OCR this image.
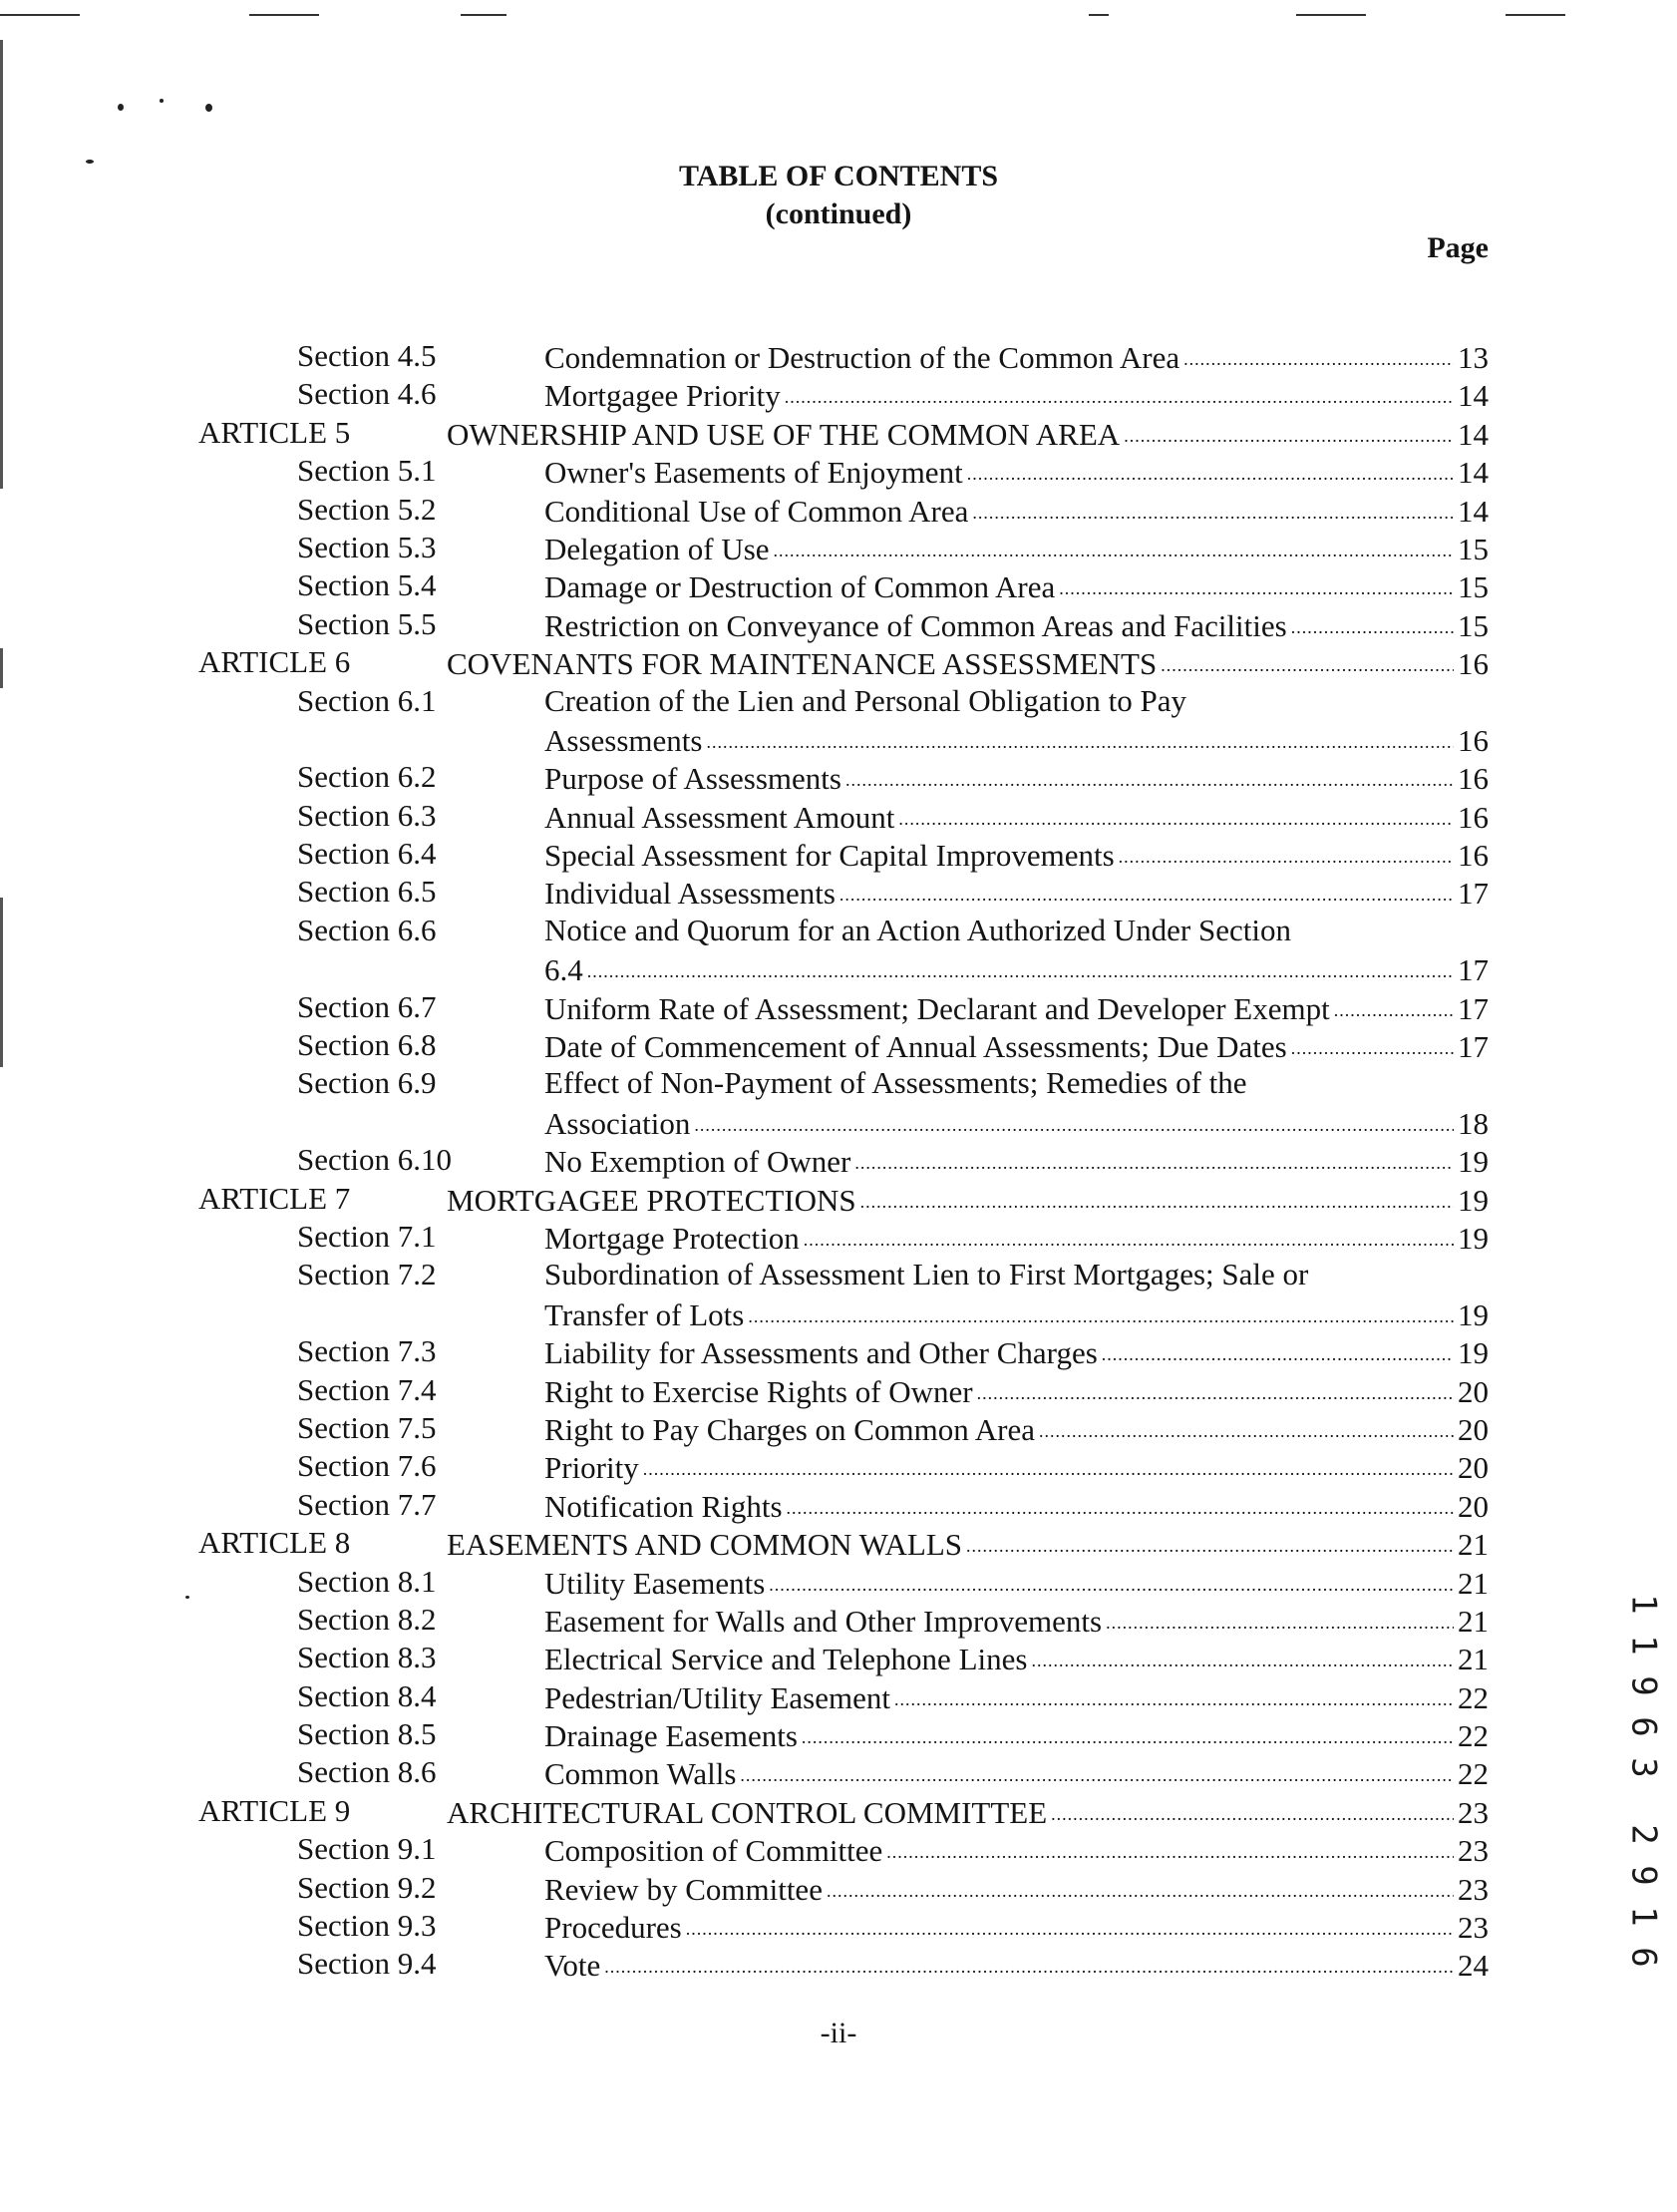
TABLE OF CONTENTS
(continued)
Page
Section 4.5	Condemnation or Destruction of the Common Area .....	13
Section 4.6	Mortgagee Priority .....	14
ARTICLE 5	OWNERSHIP AND USE OF THE COMMON AREA .....	14
Section 5.1	Owner's Easements of Enjoyment .....	14
Section 5.2	Conditional Use of Common Area .....	14
Section 5.3	Delegation of Use .....	15
Section 5.4	Damage or Destruction of Common Area .....	15
Section 5.5	Restriction on Conveyance of Common Areas and Facilities .....	15
ARTICLE 6	COVENANTS FOR MAINTENANCE ASSESSMENTS .....	16
Section 6.1	Creation of the Lien and Personal Obligation to Pay
Assessments .....	16
Section 6.2	Purpose of Assessments .....	16
Section 6.3	Annual Assessment Amount .....	16
Section 6.4	Special Assessment for Capital Improvements .....	16
Section 6.5	Individual Assessments .....	17
Section 6.6	Notice and Quorum for an Action Authorized Under Section
6.4 .....	17
Section 6.7	Uniform Rate of Assessment; Declarant and Developer Exempt .....	17
Section 6.8	Date of Commencement of Annual Assessments; Due Dates .....	17
Section 6.9	Effect of Non-Payment of Assessments; Remedies of the
Association .....	18
Section 6.10	No Exemption of Owner .....	19
ARTICLE 7	MORTGAGEE PROTECTIONS .....	19
Section 7.1	Mortgage Protection .....	19
Section 7.2	Subordination of Assessment Lien to First Mortgages; Sale or
Transfer of Lots .....	19
Section 7.3	Liability for Assessments and Other Charges .....	19
Section 7.4	Right to Exercise Rights of Owner .....	20
Section 7.5	Right to Pay Charges on Common Area .....	20
Section 7.6	Priority .....	20
Section 7.7	Notification Rights .....	20
ARTICLE 8	EASEMENTS AND COMMON WALLS .....	21
Section 8.1	Utility Easements .....	21
Section 8.2	Easement for Walls and Other Improvements .....	21
Section 8.3	Electrical Service and Telephone Lines .....	21
Section 8.4	Pedestrian/Utility Easement .....	22
Section 8.5	Drainage Easements .....	22
Section 8.6	Common Walls .....	22
ARTICLE 9	ARCHITECTURAL CONTROL COMMITTEE .....	23
Section 9.1	Composition of Committee .....	23
Section 9.2	Review by Committee .....	23
Section 9.3	Procedures .....	23
Section 9.4	Vote .....	24
-ii-
1
1
9
6
3
2
9
1
6
